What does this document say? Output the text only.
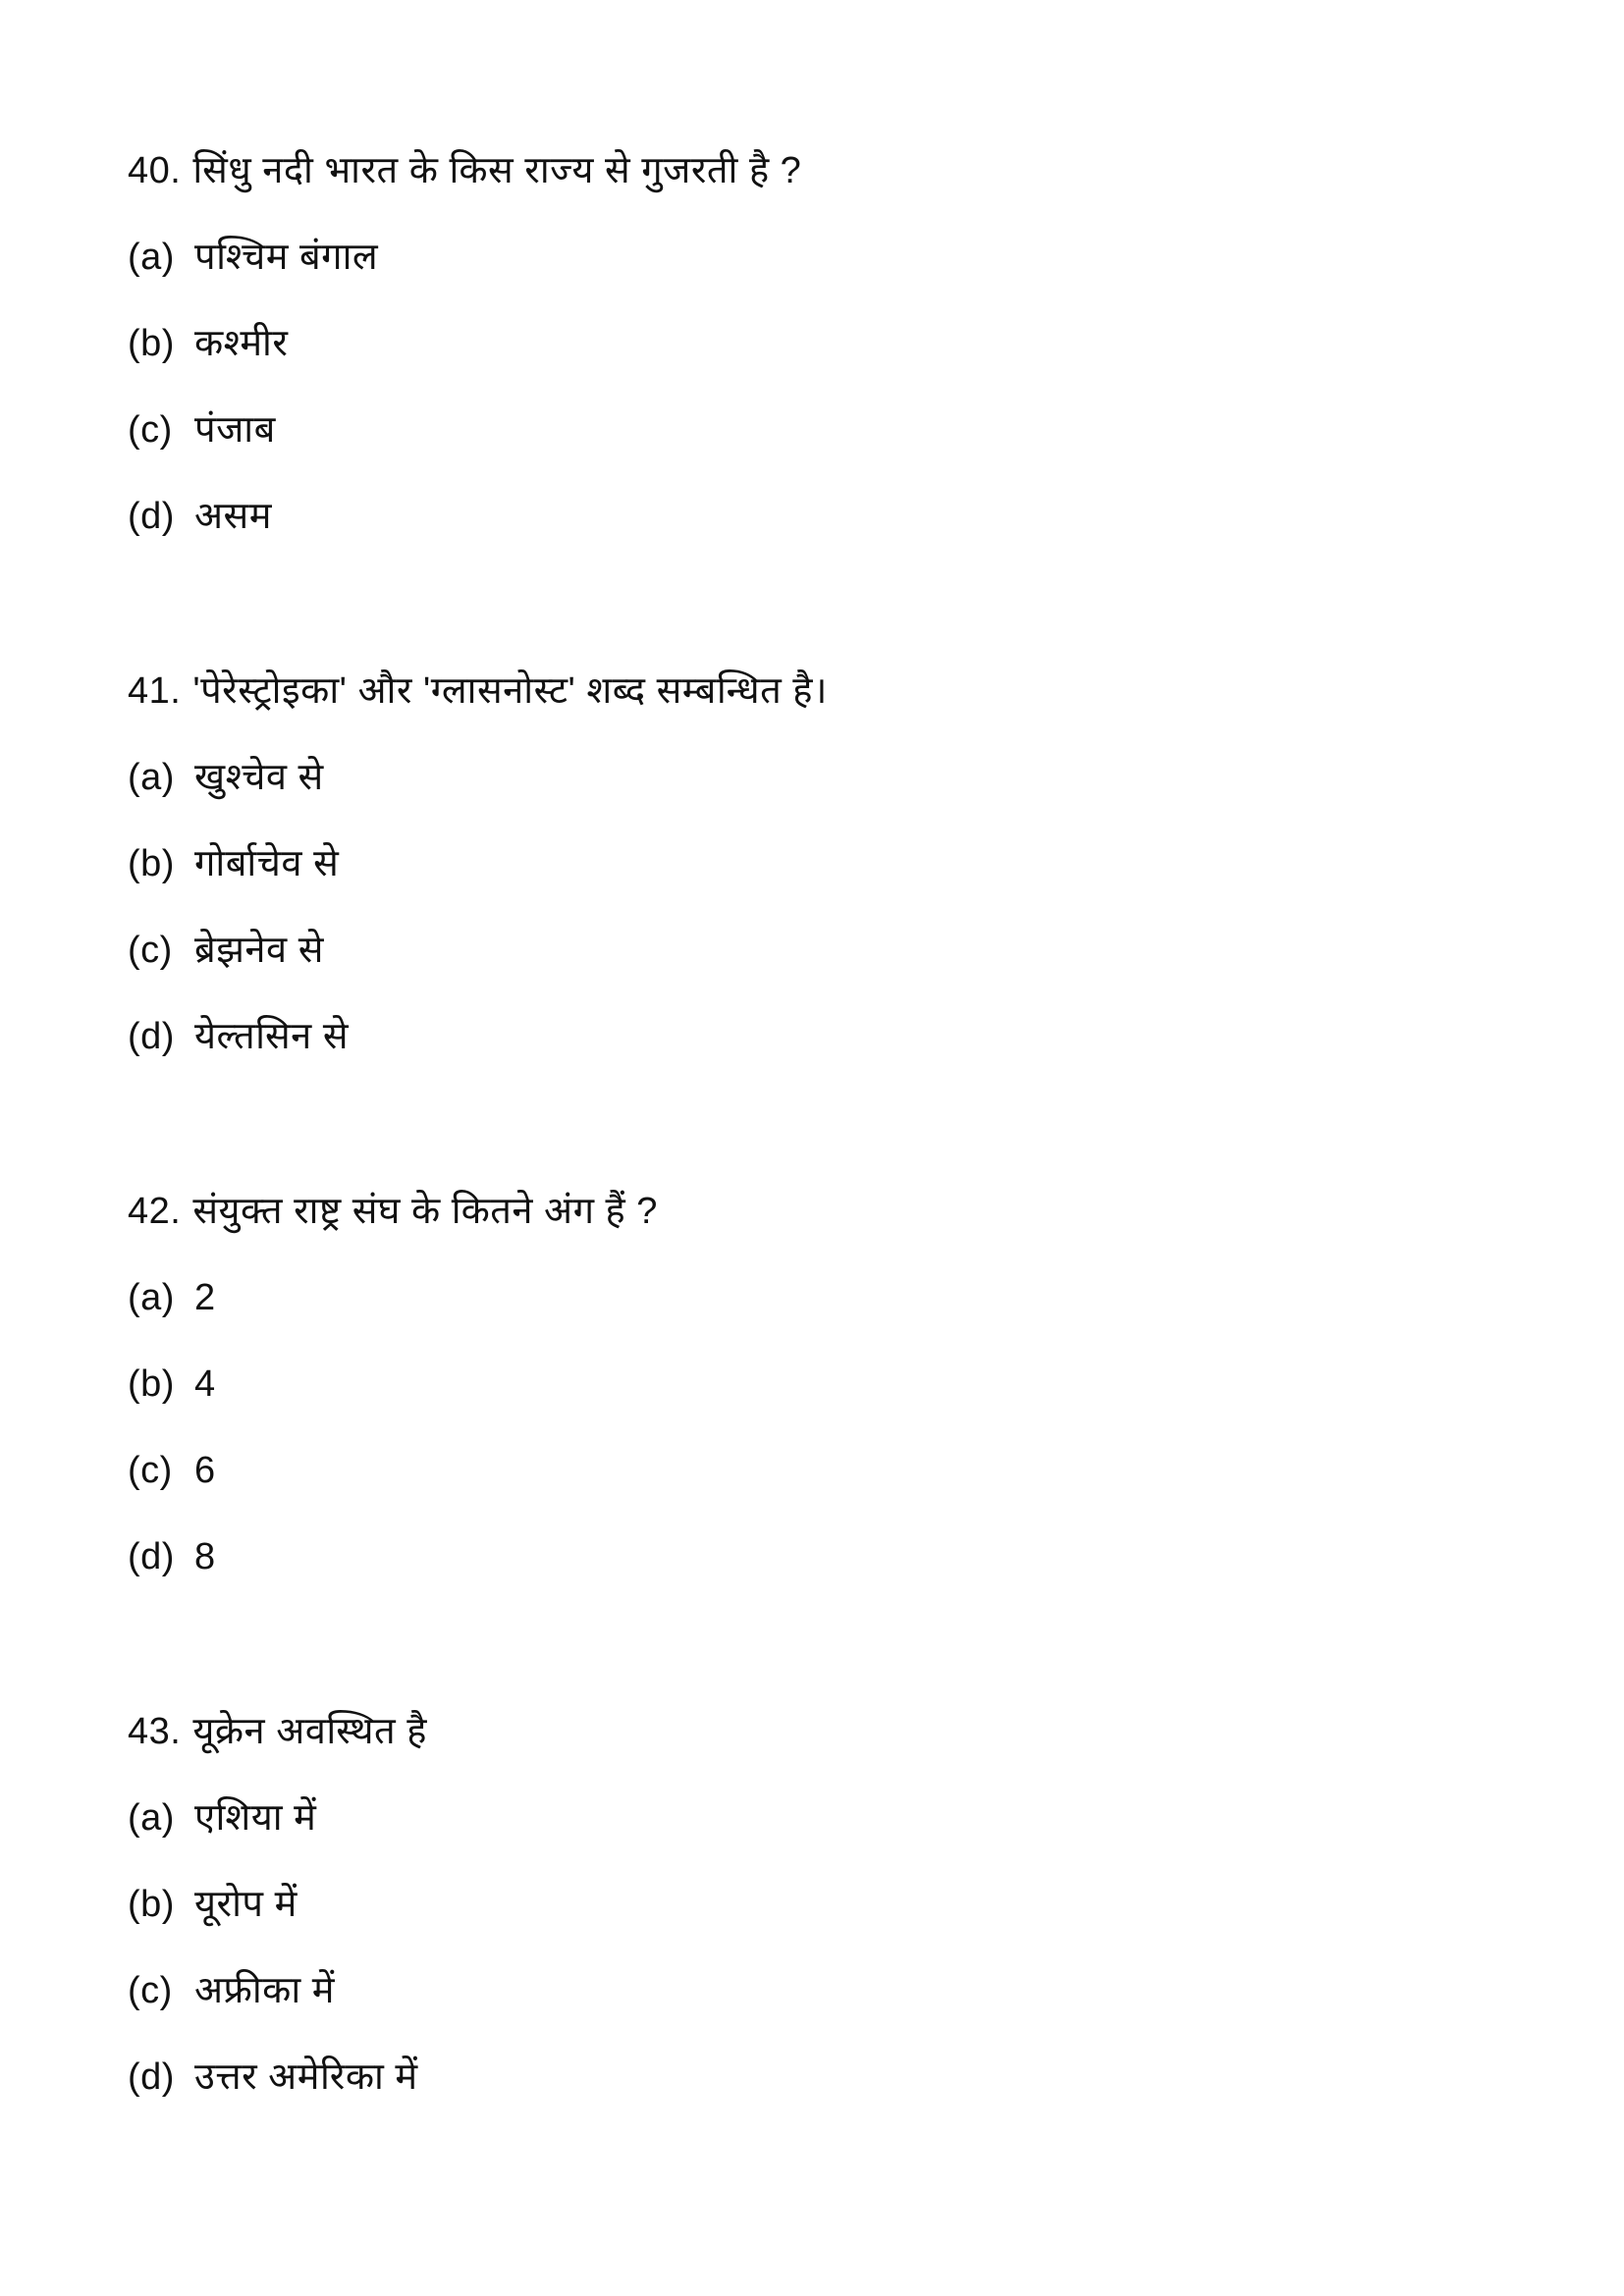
40. सिंधु नदी भारत के किस राज्य से गुजरती है ?
(a) पश्चिम बंगाल
(b) कश्मीर
(c) पंजाब
(d) असम
41. 'पेरेस्ट्रोइका' और 'ग्लासनोस्ट' शब्द सम्बन्धित है।
(a) खुश्चेव से
(b) गोर्बाचेव से
(c) ब्रेझनेव से
(d) येल्तसिन से
42. संयुक्त राष्ट्र संघ के कितने अंग हैं ?
(a) 2
(b) 4
(c) 6
(d) 8
43. यूक्रेन अवस्थित है
(a) एशिया में
(b) यूरोप में
(c) अफ्रीका में
(d) उत्तर अमेरिका में
